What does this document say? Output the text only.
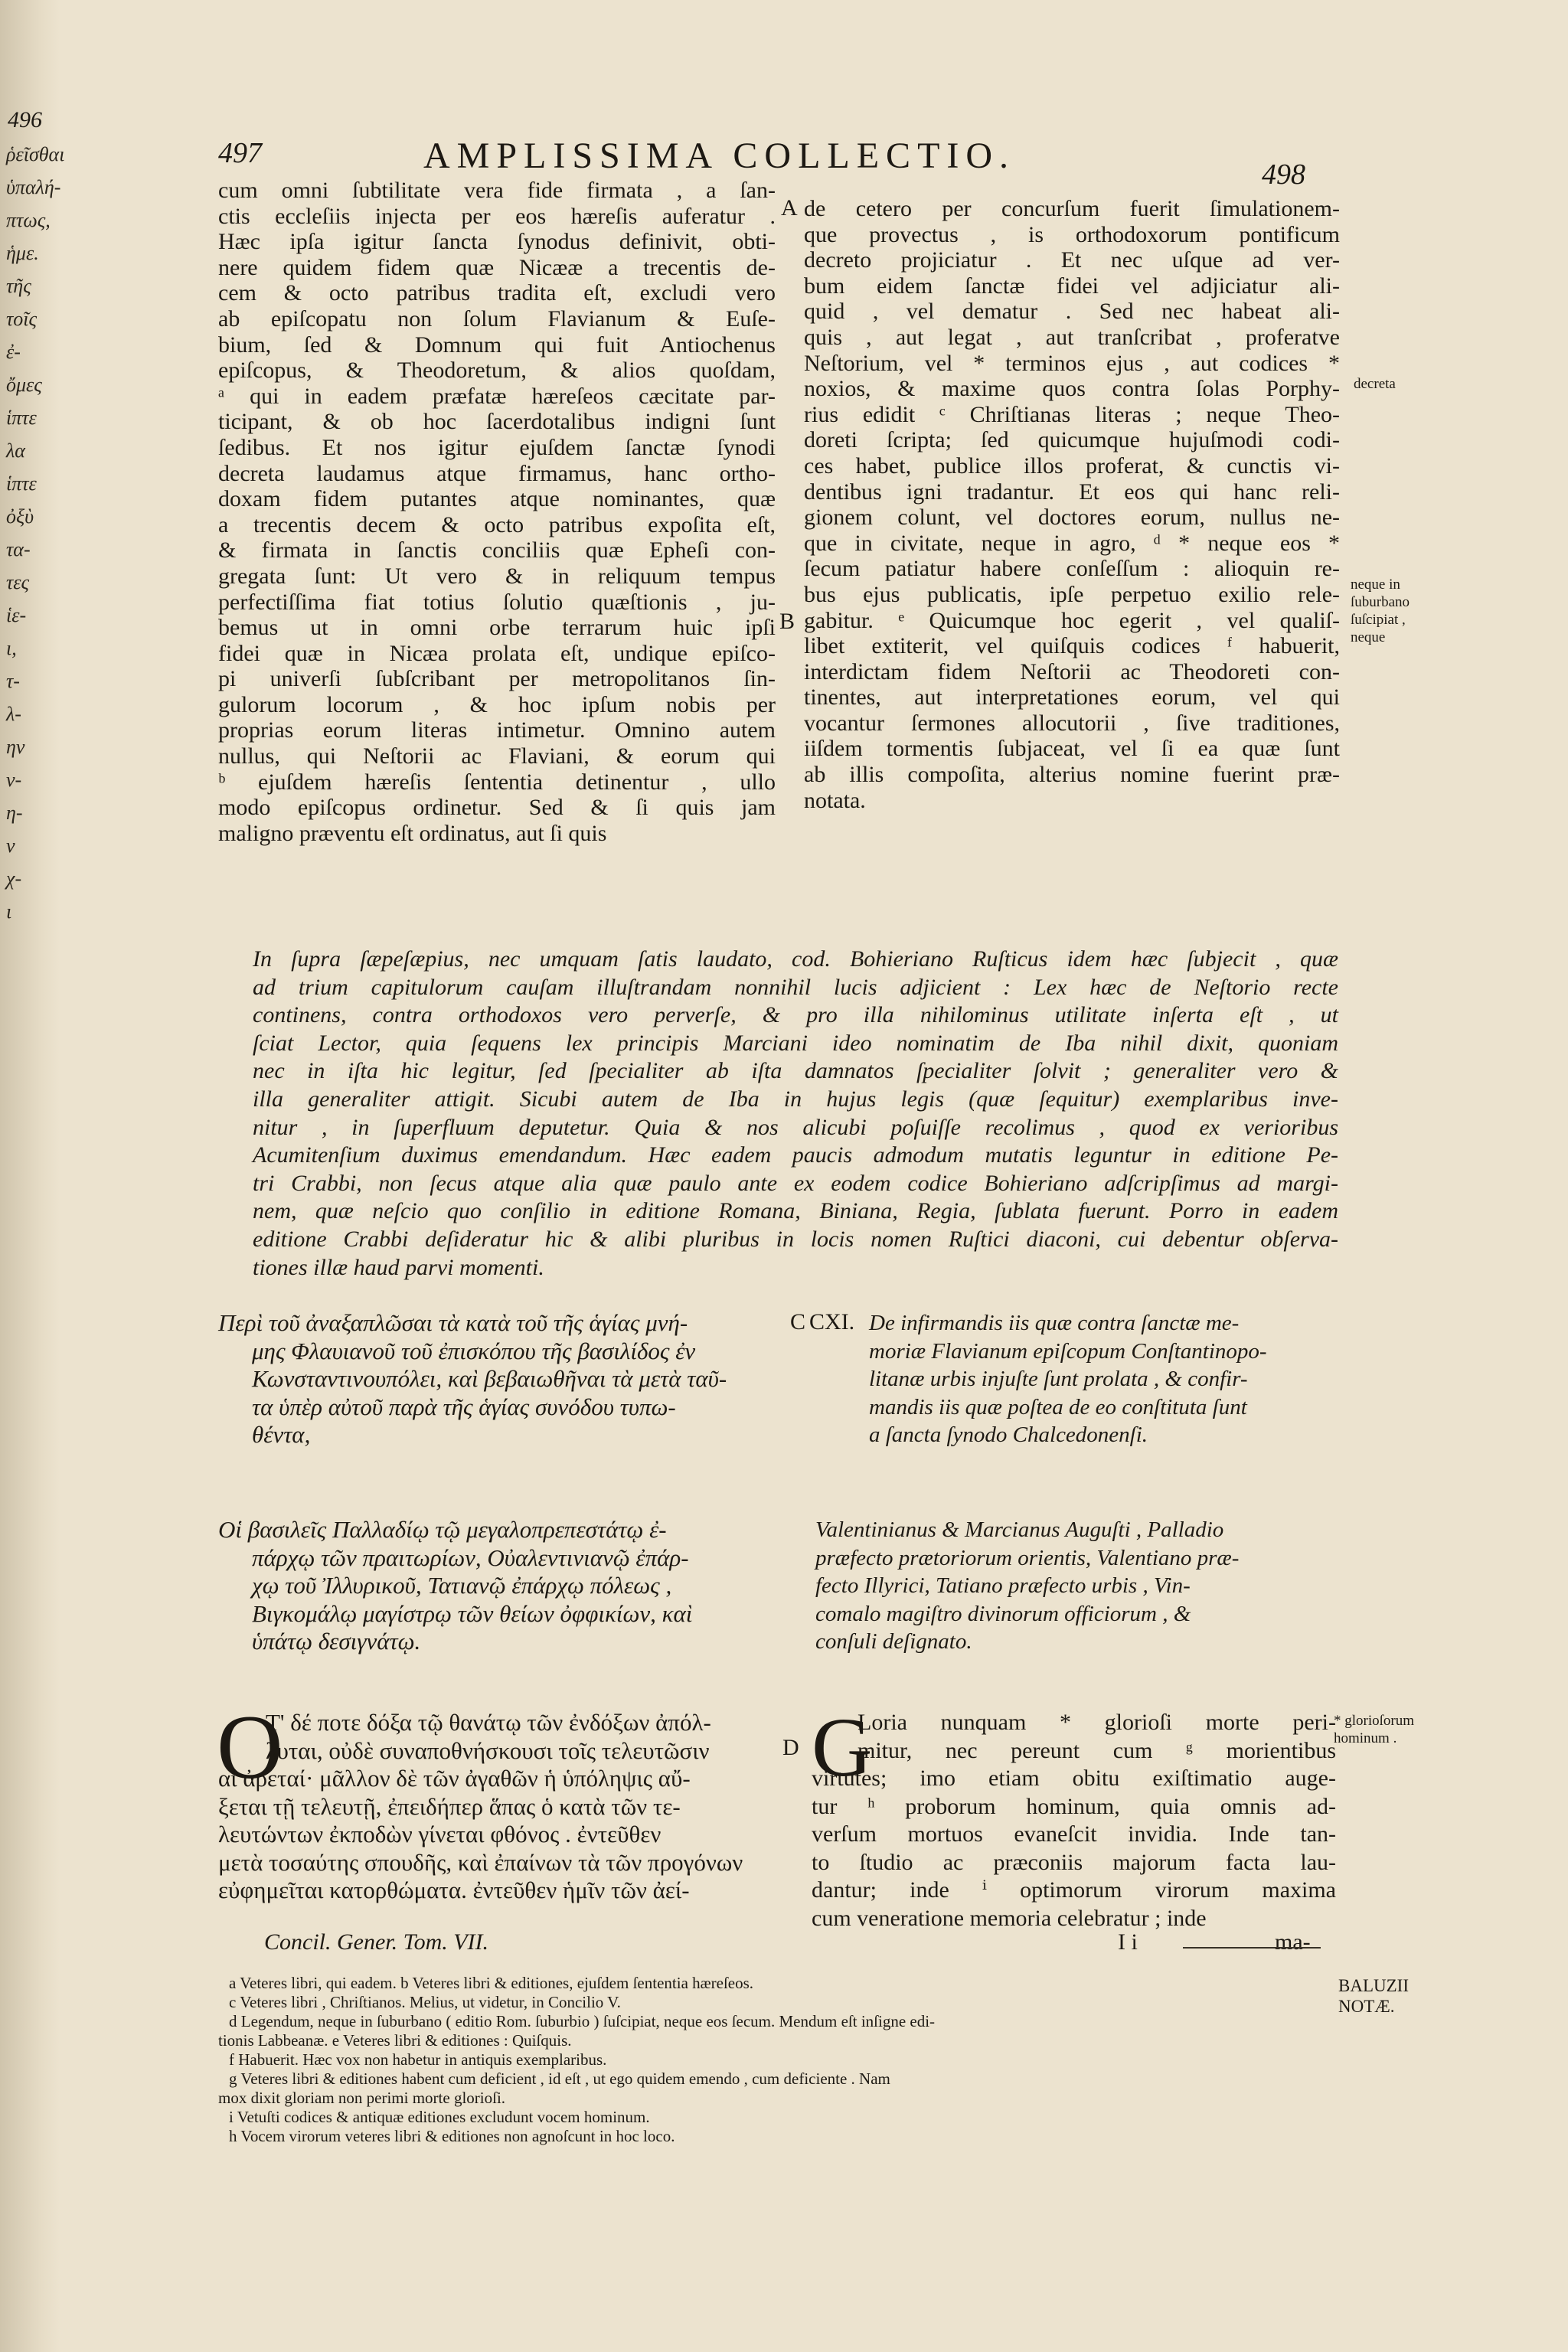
496
ῥεῖσθαι
ὑπαλή-
πτως,
ἡμε.
τῆς
τοῖς
ἐ-
ὄμες
ἱπτε
λα
ἱπτε
ὀξὺ
τα-
τες
ἱε-
ι,
τ-
λ-
ην
ν-
η-
ν
χ-
ι
497	AMPLISSIMA COLLECTIO.	498
cum omni ſubtilitate vera fide firmata , a ſan-
ctis eccleſiis injecta per eos hæreſis auferatur .
Hæc ipſa igitur ſancta ſynodus definivit, obti-
nere quidem fidem quæ Nicææ a trecentis de-
cem & octo patribus tradita eſt, excludi vero
ab epiſcopatu non ſolum Flavianum & Euſe-
bium, ſed & Domnum qui fuit Antiochenus
epiſcopus, & Theodoretum, & alios quoſdam,
ᵃ qui in eadem præfatæ hæreſeos cæcitate par-
ticipant, & ob hoc ſacerdotalibus indigni ſunt
ſedibus. Et nos igitur ejuſdem ſanctæ ſynodi
decreta laudamus atque firmamus, hanc ortho-
doxam fidem putantes atque nominantes, quæ
a trecentis decem & octo patribus expoſita eſt,
& firmata in ſanctis conciliis quæ Epheſi con-
gregata ſunt: Ut vero & in reliquum tempus
perfectiſſima fiat totius ſolutio quæſtionis , ju-
bemus ut in omni orbe terrarum huic ipſi
fidei quæ in Nicæa prolata eſt, undique epiſco-
pi univerſi ſubſcribant per metropolitanos ſin-
gulorum locorum , & hoc ipſum nobis per
proprias eorum literas intimetur. Omnino autem
nullus, qui Neſtorii ac Flaviani, & eorum qui
ᵇ ejuſdem hæreſis ſententia detinentur , ullo
modo epiſcopus ordinetur. Sed & ſi quis jam
maligno præventu eſt ordinatus, aut ſi quis
de cetero per concurſum fuerit ſimulationem-
que provectus , is orthodoxorum pontificum
decreto projiciatur . Et nec uſque ad ver-
bum eidem ſanctæ fidei vel adjiciatur ali-
quid , vel dematur . Sed nec habeat ali-
quis , aut legat , aut tranſcribat , proferatve
Neſtorium, vel * terminos ejus , aut codices *
noxios, & maxime quos contra ſolas Porphy-
rius edidit ᶜ Chriſtianas literas ; neque Theo-
doreti ſcripta; ſed quicumque hujuſmodi codi-
ces habet, publice illos proferat, & cunctis vi-
dentibus igni tradantur. Et eos qui hanc reli-
gionem colunt, vel doctores eorum, nullus ne-
que in civitate, neque in agro, ᵈ * neque eos *
ſecum patiatur habere conſeſſum : alioquin re-
bus ejus publicatis, ipſe perpetuo exilio rele-
gabitur. ᵉ Quicumque hoc egerit , vel qualiſ-
libet extiterit, vel quiſquis codices ᶠ habuerit,
interdictam fidem Neſtorii ac Theodoreti con-
tinentes, aut interpretationes eorum, vel qui
vocantur ſermones allocutorii , ſive traditiones,
iiſdem tormentis ſubjaceat, vel ſi ea quæ ſunt
ab illis compoſita, alterius nomine fuerint præ-
notata.
A
B
decreta
neque in
ſuburbano
ſuſcipiat ,
neque
In ſupra ſæpeſæpius, nec umquam ſatis laudato, cod. Bohieriano Ruſticus idem hæc ſubjecit , quæ
ad trium capitulorum cauſam illuſtrandam nonnihil lucis adjicient : Lex hæc de Neſtorio recte
continens, contra orthodoxos vero perverſe, & pro illa nihilominus utilitate inſerta eſt , ut
ſciat Lector, quia ſequens lex principis Marciani ideo nominatim de Iba nihil dixit, quoniam
nec in iſta hic legitur, ſed ſpecialiter ab iſta damnatos ſpecialiter ſolvit ; generaliter vero &
illa generaliter attigit. Sicubi autem de Iba in hujus legis (quæ ſequitur) exemplaribus inve-
nitur , in ſuperfluum deputetur. Quia & nos alicubi poſuiſſe recolimus , quod ex verioribus
Acumitenſium duximus emendandum. Hæc eadem paucis admodum mutatis leguntur in editione Pe-
tri Crabbi, non ſecus atque alia quæ paulo ante ex eodem codice Bohieriano adſcripſimus ad margi-
nem, quæ neſcio quo conſilio in editione Romana, Biniana, Regia, ſublata fuerunt. Porro in eadem
editione Crabbi deſideratur hic & alibi pluribus in locis nomen Ruſtici diaconi, cui debentur obſerva-
tiones illæ haud parvi momenti.
Περὶ τοῦ ἀναξαπλῶσαι τὰ κατὰ τοῦ τῆς ἁγίας μνή-
μης Φλαυιανοῦ τοῦ ἐπισκόπου τῆς βασιλίδος ἐν
Κωνσταντινουπόλει, καὶ βεβαιωθῆναι τὰ μετὰ ταῦ-
τα ὑπὲρ αὐτοῦ παρὰ τῆς ἁγίας συνόδου τυπω-
θέντα,
C CXI. De infirmandis iis quæ contra ſanctæ me-
moriæ Flavianum epiſcopum Conſtantinopo-
litanæ urbis injuſte ſunt prolata , & confir-
mandis iis quæ poſtea de eo conſtituta ſunt
a ſancta ſynodo Chalcedonenſi.
Οἱ βασιλεῖς Παλλαδίῳ τῷ μεγαλοπρεπεστάτῳ ἐ-
πάρχῳ τῶν πραιτωρίων, Οὐαλεντινιανῷ ἐπάρ-
χῳ τοῦ Ἰλλυρικοῦ, Τατιανῷ ἐπάρχῳ πόλεως ,
Βιγκομάλῳ μαγίστρῳ τῶν θείων ὀφφικίων, καὶ
ὑπάτῳ δεσιγνάτῳ.
Valentinianus & Marcianus Auguſti , Palladio
præfecto prætoriorum orientis, Valentiano præ-
fecto Illyrici, Tatiano præfecto urbis , Vin-
comalo magiſtro divinorum officiorum , &
conſuli deſignato.
Ο
Τ' δέ ποτε δόξα τῷ θανάτῳ τῶν ἐνδόξων ἀπόλ-
λυται, οὐδὲ συναποθνήσκουσι τοῖς τελευτῶσιν
αἱ ἀρεταί· μᾶλλον δὲ τῶν ἀγαθῶν ἡ ὑπόληψις αὔ-
ξεται τῇ τελευτῇ, ἐπειδήπερ ἅπας ὁ κατὰ τῶν τε-
λευτώντων ἐκποδὼν γίνεται φθόνος . ἐντεῦθεν
μετὰ τοσαύτης σπουδῆς, καὶ ἐπαίνων τὰ τῶν προγόνων
εὐφημεῖται κατορθώματα. ἐντεῦθεν ἡμῖν τῶν ἀεί-
D G
Loria nunquam * glorioſi morte peri-
mitur, nec pereunt cum ᵍ morientibus
virtutes; imo etiam obitu exiſtimatio auge-
tur ʰ proborum hominum, quia omnis ad-
verſum mortuos evaneſcit invidia. Inde tan-
to ſtudio ac præconiis majorum facta lau-
dantur; inde ⁱ optimorum virorum maxima
cum veneratione memoria celebratur ; inde
* glorioſorum
hominum .
Concil. Gener. Tom. VII.	I i	ma-
a Veteres libri, qui eadem. b Veteres libri & editiones, ejuſdem ſententia hæreſeos.
c Veteres libri , Chriſtianos. Melius, ut videtur, in Concilio V.
d Legendum, neque in ſuburbano ( editio Rom. ſuburbio ) ſuſcipiat, neque eos ſecum. Mendum eſt inſigne edi-
tionis Labbeanæ. e Veteres libri & editiones : Quiſquis.
f Habuerit. Hæc vox non habetur in antiquis exemplaribus.
g Veteres libri & editiones habent cum deficient , id eſt , ut ego quidem emendo , cum deficiente . Nam
mox dixit gloriam non perimi morte glorioſi.
i Vetuſti codices & antiquæ editiones excludunt vocem hominum.
h Vocem virorum veteres libri & editiones non agnoſcunt in hoc loco.
BALUZII
NOTÆ.
